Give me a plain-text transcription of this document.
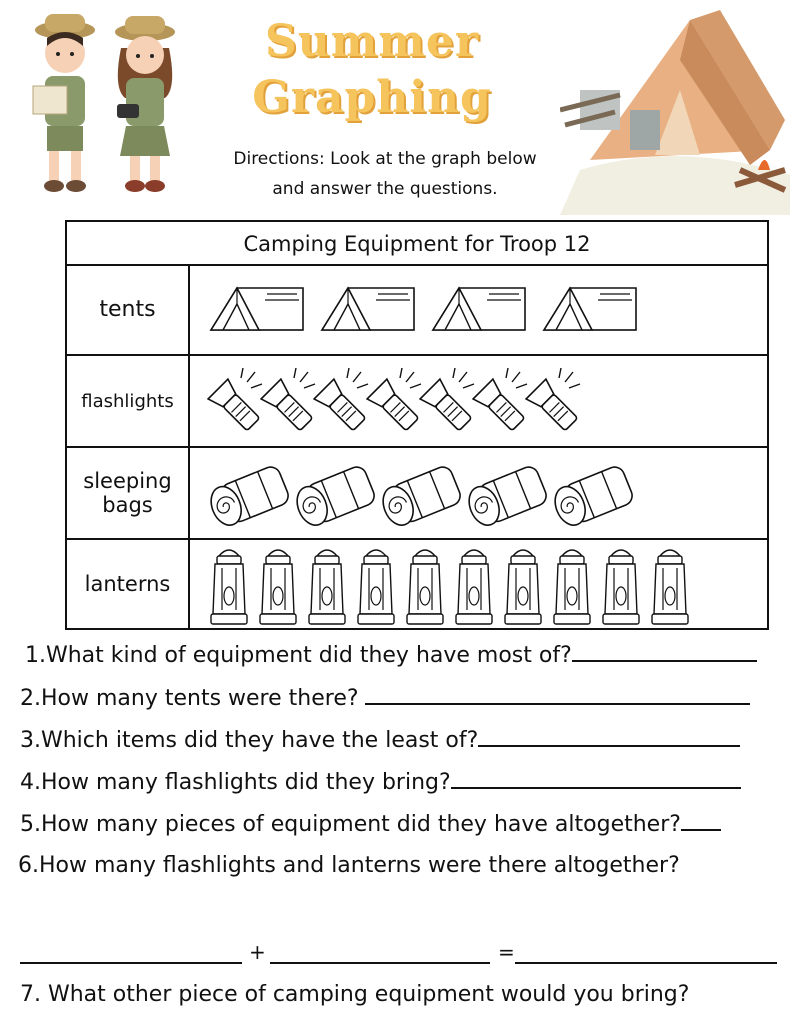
Summer
Graphing
Directions: Look at the graph below
and answer the questions.
Camping Equipment for Troop 12
tents
flashlights
sleeping
bags
lanterns
1.What kind of equipment did they have most of?
2.How many tents were there?
3.Which items did they have the least of?
4.How many flashlights did they bring?
5.How many pieces of equipment did they have altogether?
6.How many flashlights and lanterns were there altogether?
+	=
7. What other piece of camping equipment would you bring?
